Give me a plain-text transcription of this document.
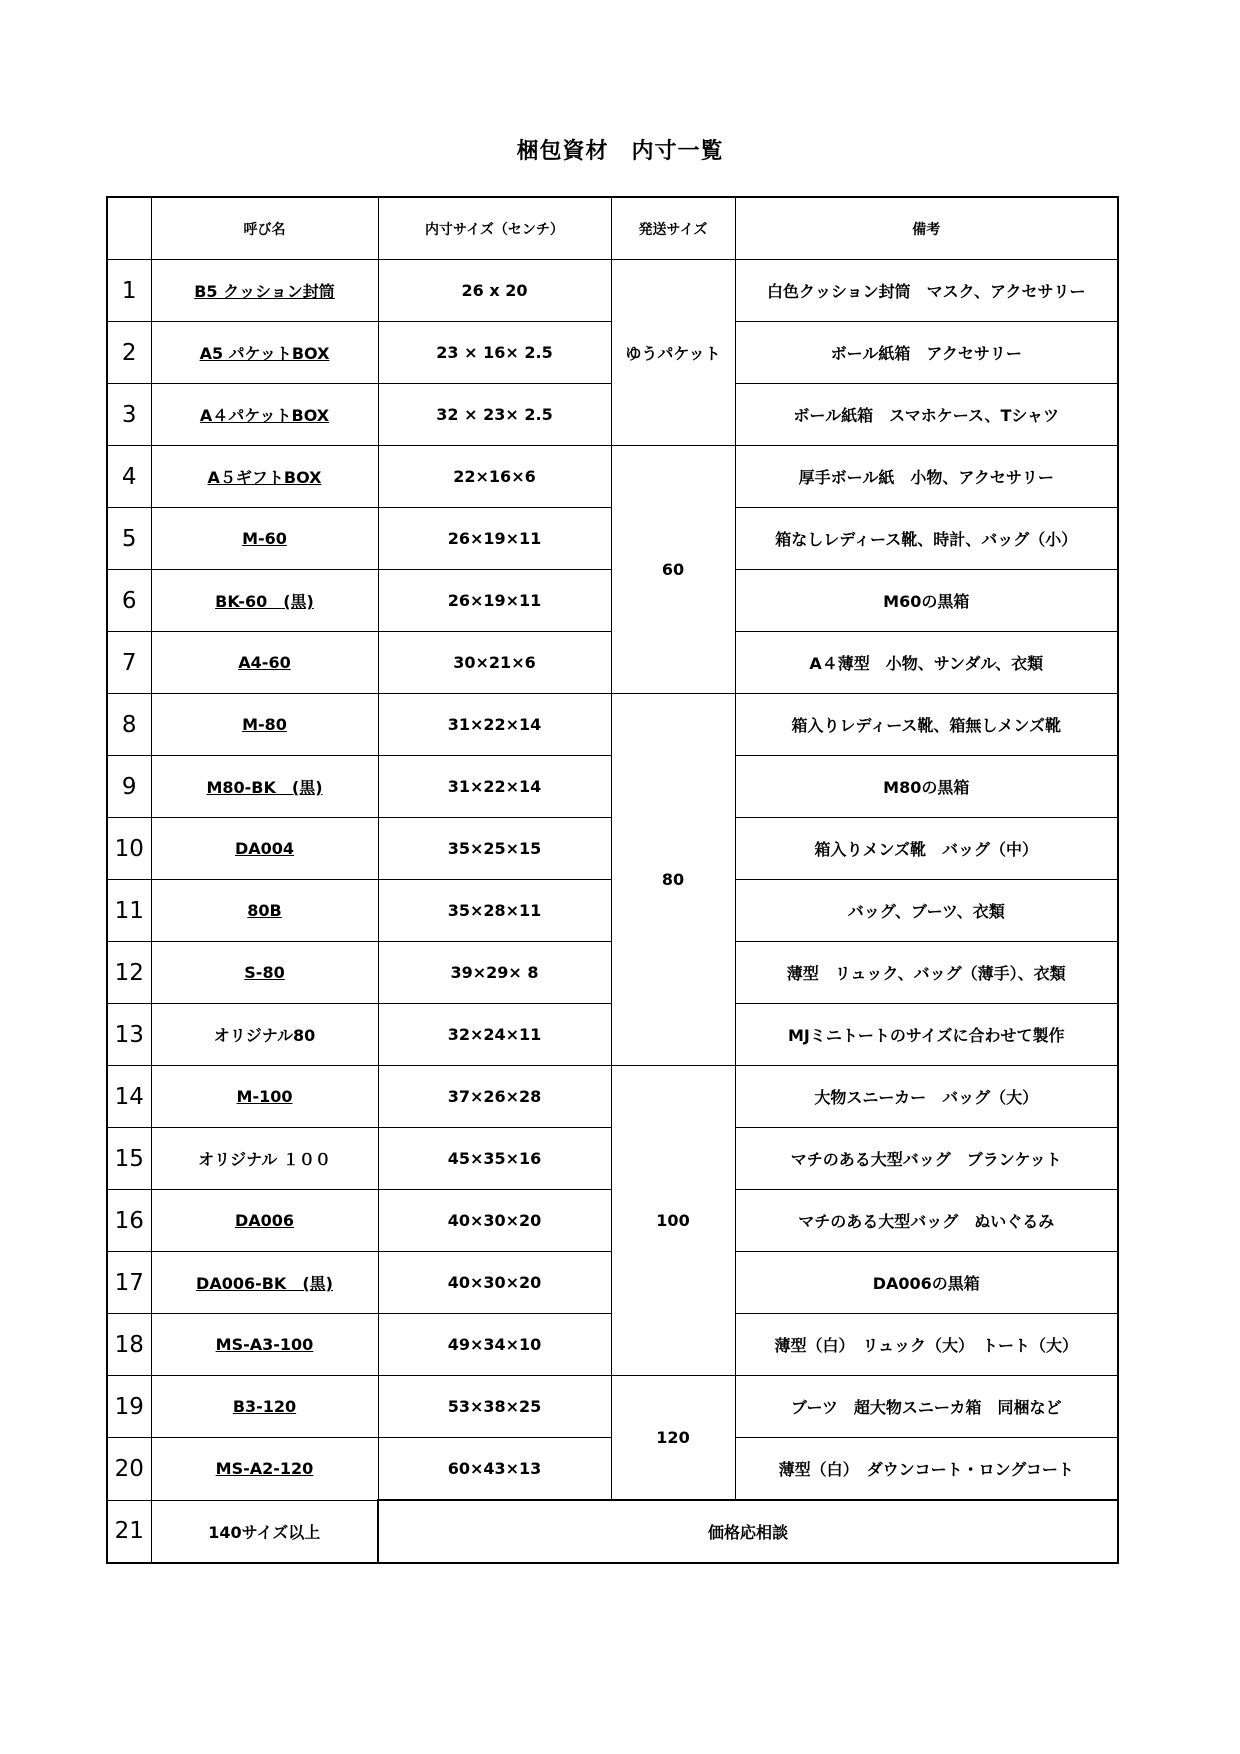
梱包資材　内寸一覧
	呼び名	内寸サイズ（センチ）	発送サイズ	備考
1	B5 クッション封筒	26 x 20	ゆうパケット	白色クッション封筒　マスク、アクセサリー
2	A5 パケットBOX	23 × 16× 2.5		ボール紙箱　アクセサリー
3	A４パケットBOX	32 × 23× 2.5		ボール紙箱　スマホケース、Tシャツ
4	A５ギフトBOX	22×16×6	60	厚手ボール紙　小物、アクセサリー
5	M-60	26×19×11		箱なしレディース靴、時計、バッグ（小）
6	BK-60　(黒)	26×19×11		M60の黒箱
7	A4-60	30×21×6		A４薄型　小物、サンダル、衣類
8	M-80	31×22×14	80	箱入りレディース靴、箱無しメンズ靴
9	M80-BK　(黒)	31×22×14		M80の黒箱
10	DA004	35×25×15		箱入りメンズ靴　バッグ（中）
11	80B	35×28×11		バッグ、ブーツ、衣類
12	S-80	39×29× 8		薄型　リュック、バッグ（薄手）、衣類
13	オリジナル80	32×24×11		MJミニトートのサイズに合わせて製作
14	M-100	37×26×28	100	大物スニーカー　バッグ（大）
15	オリジナル １００	45×35×16		マチのある大型バッグ　ブランケット
16	DA006	40×30×20		マチのある大型バッグ　ぬいぐるみ
17	DA006-BK　(黒)	40×30×20		DA006の黒箱
18	MS-A3-100	49×34×10		薄型（白）　リュック（大）　トート（大）
19	B3-120	53×38×25	120	ブーツ　超大物スニーカ箱　同梱など
20	MS-A2-120	60×43×13		薄型（白）　ダウンコート・ロングコート
21	140サイズ以上	価格応相談		
